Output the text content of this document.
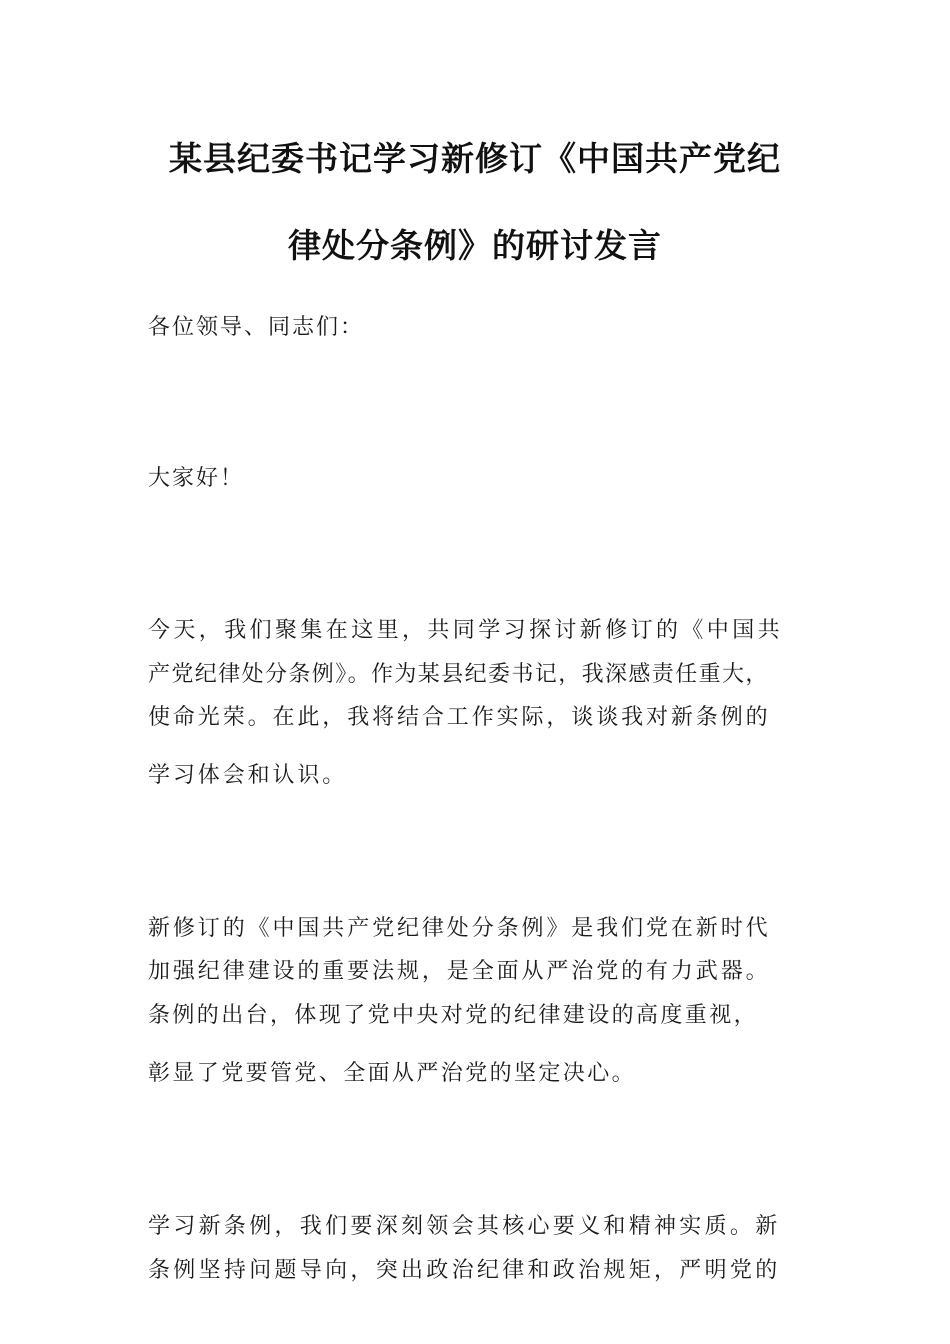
某县纪委书记学习新修订《中国共产党纪
律处分条例》的研讨发言
各位领导、同志们：
大家好！
今天，我们聚集在这里，共同学习探讨新修订的《中国共
产党纪律处分条例》。作为某县纪委书记，我深感责任重大，
使命光荣。在此，我将结合工作实际，谈谈我对新条例的
学习体会和认识。
新修订的《中国共产党纪律处分条例》是我们党在新时代
加强纪律建设的重要法规，是全面从严治党的有力武器。
条例的出台，体现了党中央对党的纪律建设的高度重视，
彰显了党要管党、全面从严治党的坚定决心。
学习新条例，我们要深刻领会其核心要义和精神实质。新
条例坚持问题导向，突出政治纪律和政治规矩，严明党的
